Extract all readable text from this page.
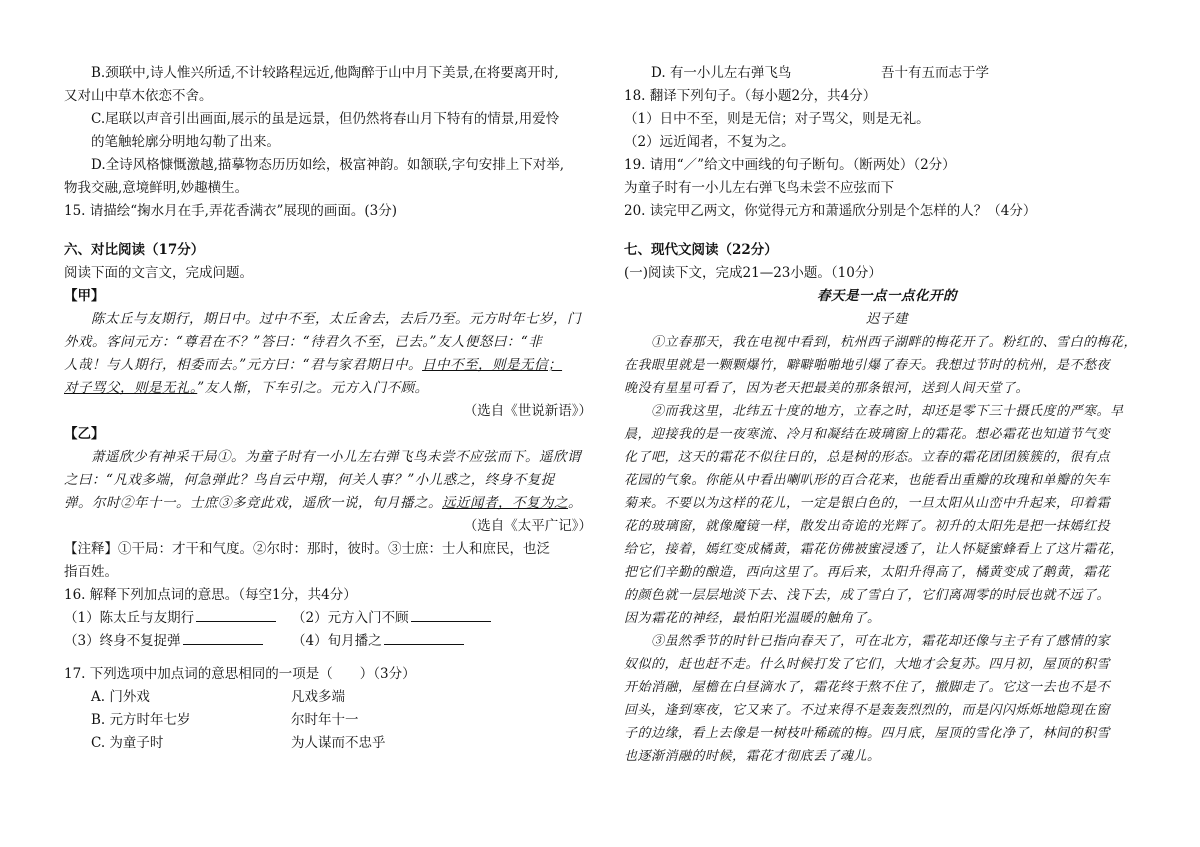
B.颈联中,诗人惟兴所适,不计较路程远近,他陶醉于山中月下美景,在将要离开时,
又对山中草木依恋不舍。
C.尾联以声音引出画面,展示的虽是远景，但仍然将春山月下特有的情景,用爱怜
的笔触轮廓分明地勾勒了出来。
D.全诗风格慷慨激越,描摹物态历历如绘，极富神韵。如颔联,字句安排上下对举,
物我交融,意境鲜明,妙趣横生。
15. 请描绘“掬水月在手,弄花香满衣”展现的画面。(3分)
六、对比阅读（17分）
阅读下面的文言文，完成问题。
【甲】
陈太丘与友期行，期日中。过中不至，太丘舍去，去后乃至。元方时年七岁，门
外戏。客问元方：“尊君在不？”答曰：“待君久不至，已去。”友人便怒曰：“非
人哉！与人期行，相委而去。”元方曰：“君与家君期日中。日中不至，则是无信；
对子骂父，则是无礼。”友人惭，下车引之。元方入门不顾。
（选自《世说新语》）
【乙】
萧遥欣少有神采干局①。为童子时有一小儿左右弹飞鸟未尝不应弦而下。遥欣谓
之曰：“凡戏多端，何急弹此？鸟自云中翔，何关人事？”小儿惑之，终身不复捉
弹。尔时②年十一。士庶③多竞此戏，遥欣一说，旬月播之。远近闻者，不复为之。
（选自《太平广记》）
【注释】①干局：才干和气度。②尔时：那时，彼时。③士庶：士人和庶民，也泛
指百姓。
16. 解释下列加点词的意思。（每空1分，共4分）
（1）陈太丘与友期行	（2）元方入门不顾
（3）终身不复捉弹	（4）旬月播之
17. 下列选项中加点词的意思相同的一项是（　　）（3分）
A. 门外戏	凡戏多端
B. 元方时年七岁	尔时年十一
C. 为童子时	为人谋而不忠乎
D. 有一小儿左右弹飞鸟	吾十有五而志于学
18. 翻译下列句子。（每小题2分，共4分）
（1）日中不至，则是无信；对子骂父，则是无礼。
（2）远近闻者，不复为之。
19. 请用“／”给文中画线的句子断句。（断两处）（2分）
为童子时有一小儿左右弹飞鸟未尝不应弦而下
20. 读完甲乙两文，你觉得元方和萧遥欣分别是个怎样的人？（4分）
七、现代文阅读（22分）
(一)阅读下文，完成21—23小题。（10分）
春天是一点一点化开的
迟子建
①立春那天，我在电视中看到，杭州西子湖畔的梅花开了。粉红的、雪白的梅花，
在我眼里就是一颗颗爆竹，噼噼啪啪地引爆了春天。我想过节时的杭州，是不愁夜
晚没有星星可看了，因为老天把最美的那条银河，送到人间天堂了。
②而我这里，北纬五十度的地方，立春之时，却还是零下三十摄氏度的严寒。早
晨，迎接我的是一夜寒流、冷月和凝结在玻璃窗上的霜花。想必霜花也知道节气变
化了吧，这天的霜花不似往日的，总是树的形态。立春的霜花团团簇簇的，很有点
花园的气象。你能从中看出喇叭形的百合花来，也能看出重瓣的玫瑰和单瓣的矢车
菊来。不要以为这样的花儿，一定是银白色的，一旦太阳从山峦中升起来，印着霜
花的玻璃窗，就像魔镜一样，散发出奇诡的光辉了。初升的太阳先是把一抹嫣红投
给它，接着，嫣红变成橘黄，霜花仿佛被蜜浸透了，让人怀疑蜜蜂看上了这片霜花，
把它们辛勤的酿造，西向这里了。再后来，太阳升得高了，橘黄变成了鹅黄，霜花
的颜色就一层层地淡下去、浅下去，成了雪白了，它们离凋零的时辰也就不远了。
因为霜花的神经，最怕阳光温暖的触角了。
③虽然季节的时针已指向春天了，可在北方，霜花却还像与主子有了感情的家
奴似的，赶也赶不走。什么时候打发了它们，大地才会复苏。四月初，屋顶的积雪
开始消融，屋檐在白昼滴水了，霜花终于熬不住了，撤脚走了。它这一去也不是不
回头，逢到寒夜，它又来了。不过来得不是轰轰烈烈的，而是闪闪烁烁地隐现在窗
子的边缘，看上去像是一树枝叶稀疏的梅。四月底，屋顶的雪化净了，林间的积雪
也逐渐消融的时候，霜花才彻底丢了魂儿。
